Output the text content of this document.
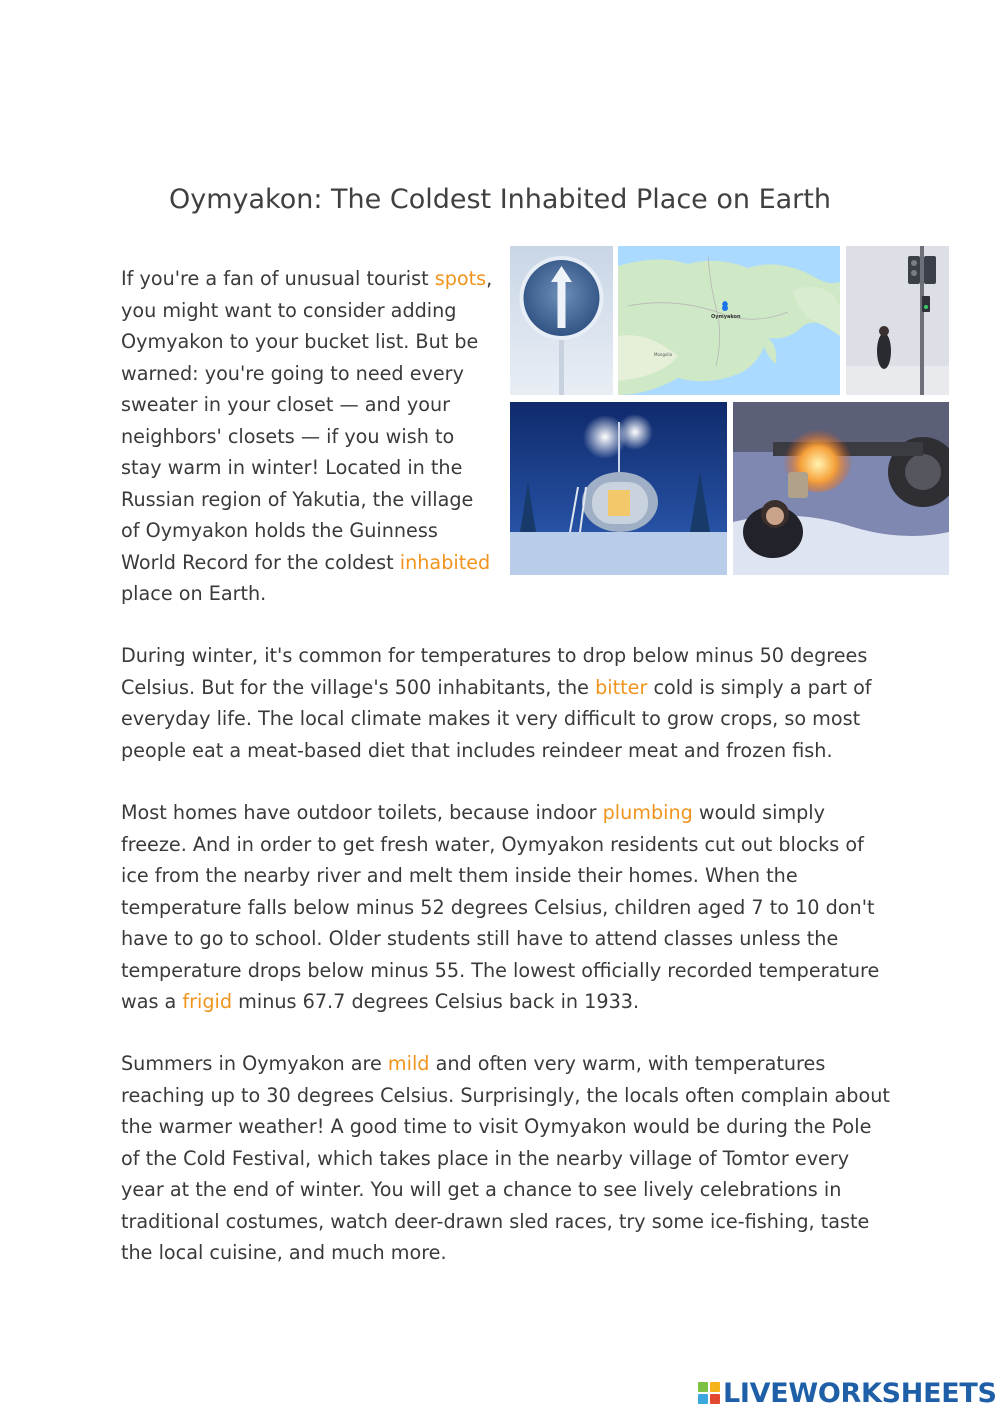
Oymyakon: The Coldest Inhabited Place on Earth

If you're a fan of unusual tourist spots, you might want to consider adding Oymyakon to your bucket list. But be warned: you're going to need every sweater in your closet — and your neighbors' closets — if you wish to stay warm in winter! Located in the Russian region of Yakutia, the village of Oymyakon holds the Guinness World Record for the coldest inhabited place on Earth.

During winter, it's common for temperatures to drop below minus 50 degrees Celsius. But for the village's 500 inhabitants, the bitter cold is simply a part of everyday life. The local climate makes it very difficult to grow crops, so most people eat a meat-based diet that includes reindeer meat and frozen fish.

Most homes have outdoor toilets, because indoor plumbing would simply freeze. And in order to get fresh water, Oymyakon residents cut out blocks of ice from the nearby river and melt them inside their homes. When the temperature falls below minus 52 degrees Celsius, children aged 7 to 10 don't have to go to school. Older students still have to attend classes unless the temperature drops below minus 55. The lowest officially recorded temperature was a frigid minus 67.7 degrees Celsius back in 1933.

Summers in Oymyakon are mild and often very warm, with temperatures reaching up to 30 degrees Celsius. Surprisingly, the locals often complain about the warmer weather! A good time to visit Oymyakon would be during the Pole of the Cold Festival, which takes place in the nearby village of Tomtor every year at the end of winter. You will get a chance to see lively celebrations in traditional costumes, watch deer-drawn sled races, try some ice-fishing, taste the local cuisine, and much more.

Oymyakon
Mongolia
LIVEWORKSHEETS
